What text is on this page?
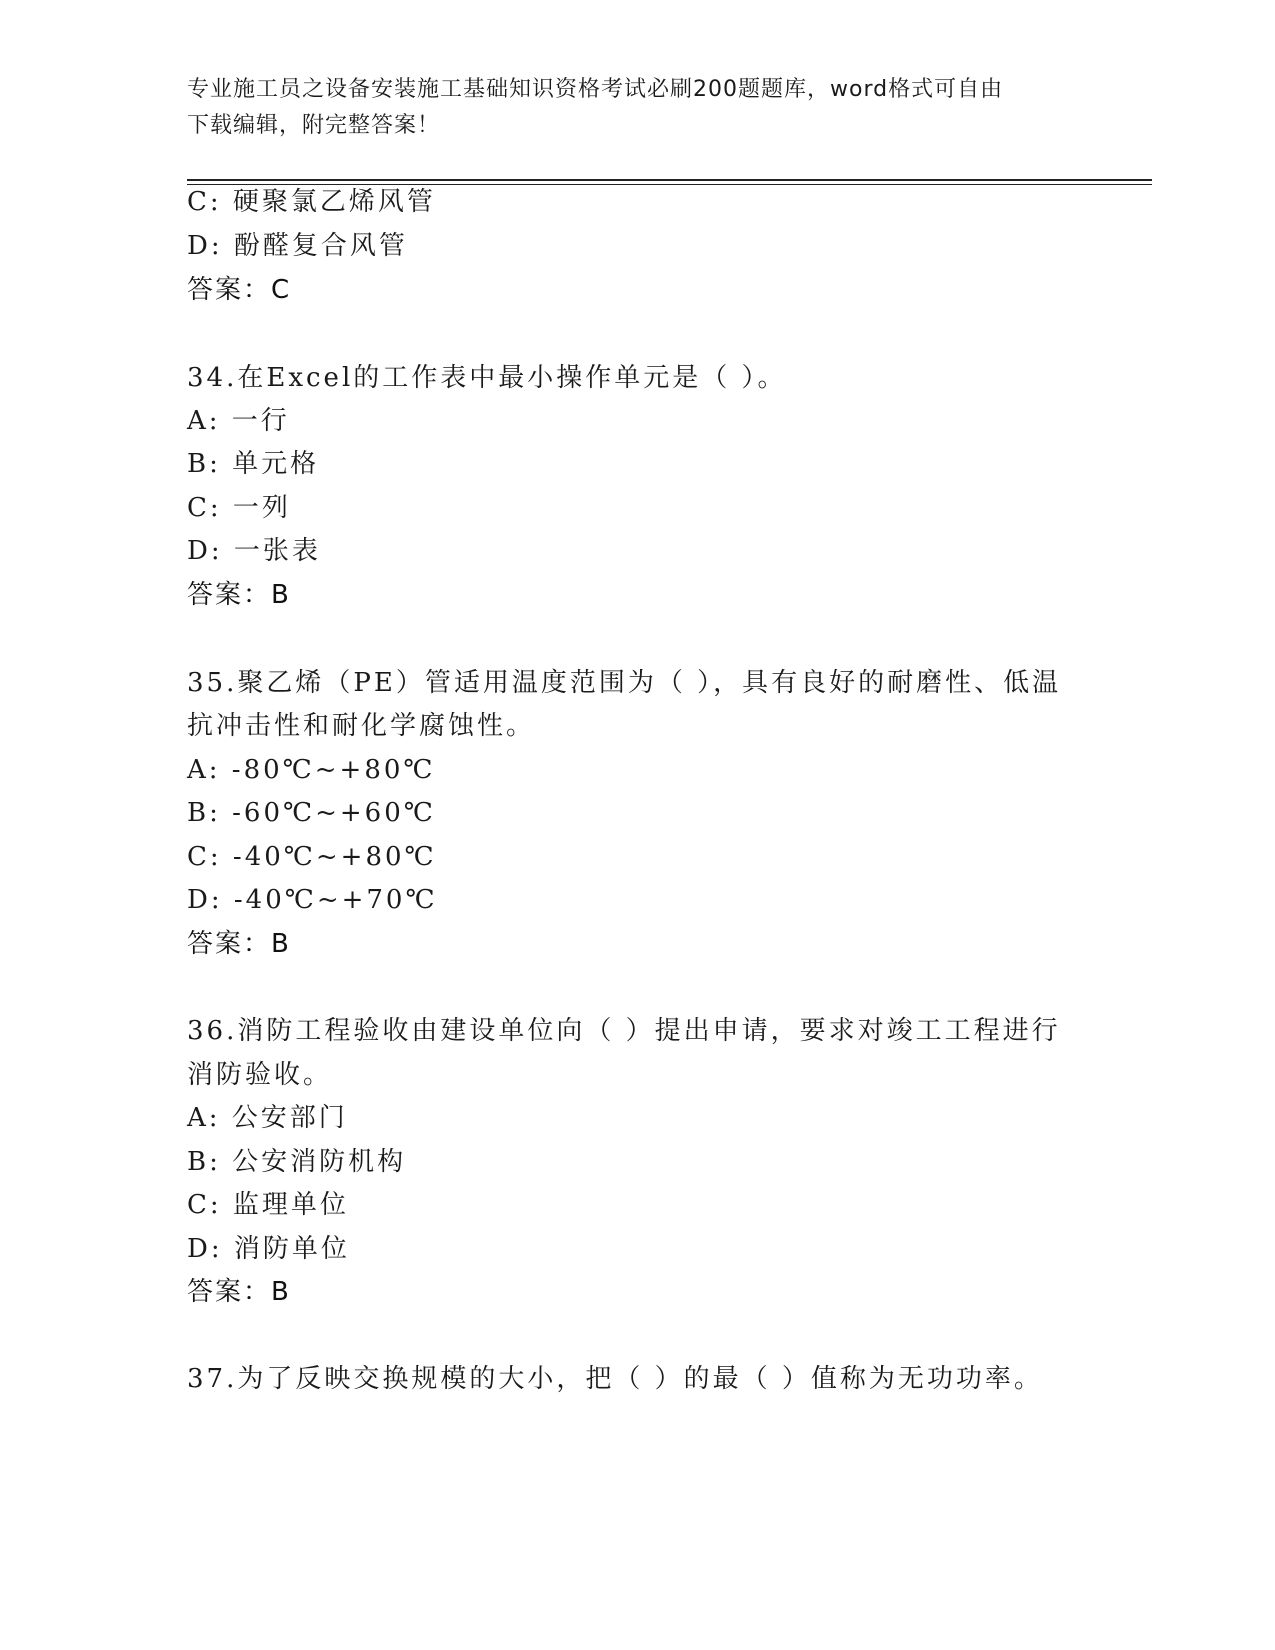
专业施工员之设备安装施工基础知识资格考试必刷200题题库，word格式可自由
下载编辑，附完整答案！
C: 硬聚氯乙烯风管
D: 酚醛复合风管
答案：C
34.在Excel的工作表中最小操作单元是（ ）。
A: 一行
B: 单元格
C: 一列
D: 一张表
答案：B
35.聚乙烯（PE）管适用温度范围为（ ），具有良好的耐磨性、低温
抗冲击性和耐化学腐蚀性。
A: -80℃~+80℃
B: -60℃~+60℃
C: -40℃~+80℃
D: -40℃~+70℃
答案：B
36.消防工程验收由建设单位向（ ）提出申请，要求对竣工工程进行
消防验收。
A: 公安部门
B: 公安消防机构
C: 监理单位
D: 消防单位
答案：B
37.为了反映交换规模的大小，把（ ）的最（ ）值称为无功功率。
